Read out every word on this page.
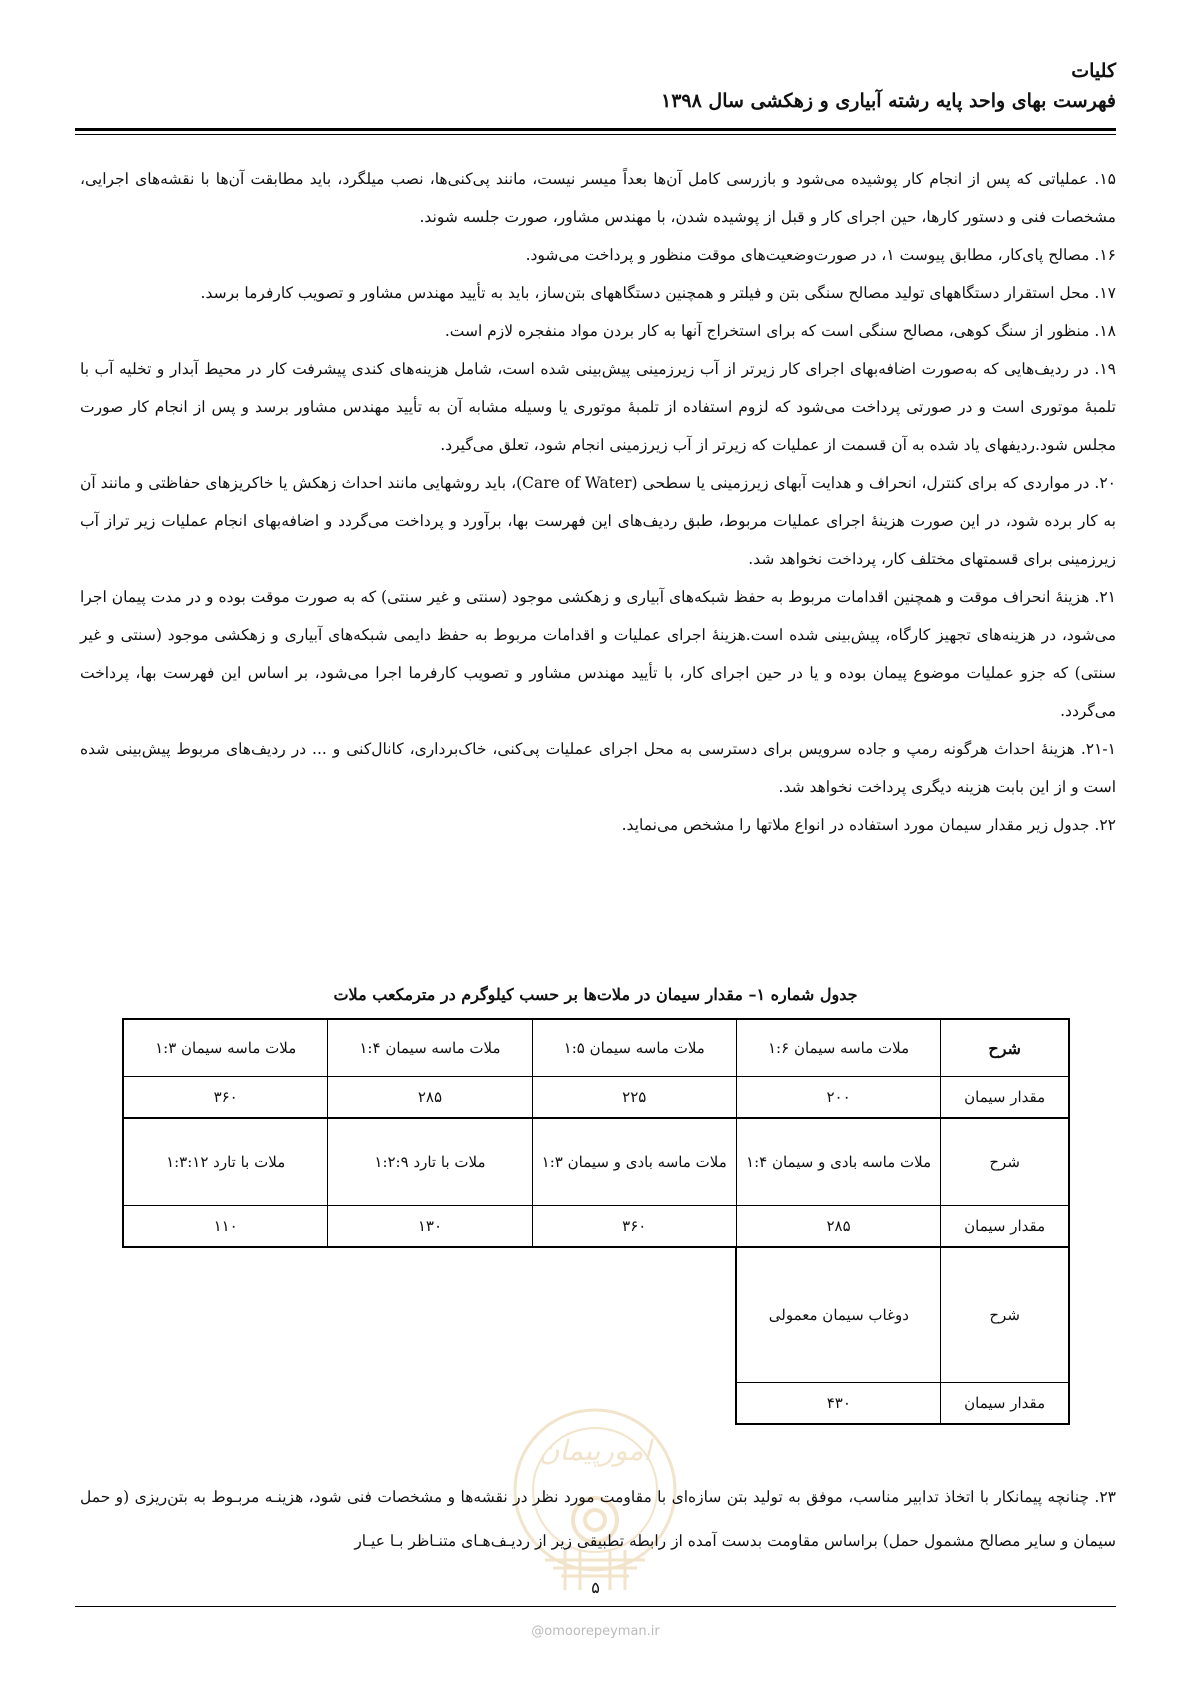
کلیات
فهرست بهای واحد پایه رشته آبیاری و زهکشی سال ۱۳۹۸

۱۵. عملیاتی که پس از انجام کار پوشیده می‌شود و بازرسی کامل آن‌ها بعداً میسر نیست، مانند پی‌کنی‌ها، نصب میلگرد، باید مطابقت آن‌ها با نقشه‌های اجرایی، مشخصات فنی و دستور کارها، حین اجرای کار و قبل از پوشیده شدن، با مهندس مشاور، صورت جلسه شوند.

۱۶. مصالح پای‌کار، مطابق پیوست ۱، در صورت‌وضعیت‌های موقت منظور و پرداخت می‌شود.

۱۷. محل استقرار دستگاههای تولید مصالح سنگی بتن و فیلتر و همچنین دستگاههای بتن‌ساز، باید به تأیید مهندس مشاور و تصویب کارفرما برسد.

۱۸. منظور از سنگ کوهی، مصالح سنگی است که برای استخراج آنها به کار بردن مواد منفجره لازم است.

۱۹. در ردیف‌هایی که به‌صورت اضافه‌بهای اجرای کار زیرتر از آب زیرزمینی پیش‌بینی شده است، شامل هزینه‌های کندی پیشرفت کار در محیط آبدار و تخلیه آب با تلمبهٔ موتوری است و در صورتی پرداخت می‌شود که لزوم استفاده از تلمبهٔ موتوری یا وسیله مشابه آن به تأیید مهندس مشاور برسد و پس از انجام کار صورت مجلس شود.ردیفهای یاد شده به آن قسمت از عملیات که زیرتر از آب زیرزمینی انجام شود، تعلق می‌گیرد.

۲۰. در مواردی که برای کنترل، انحراف و هدایت آبهای زیرزمینی یا سطحی (Care of Water)، باید روشهایی مانند احداث زهکش یا خاکریزهای حفاظتی و مانند آن به کار برده شود، در این صورت هزینهٔ اجرای عملیات مربوط، طبق ردیف‌های این فهرست بها، برآورد و پرداخت می‌گردد و اضافه‌بهای انجام عملیات زیر تراز آب زیرزمینی برای قسمتهای مختلف کار، پرداخت نخواهد شد.

۲۱. هزینهٔ انحراف موقت و همچنین اقدامات مربوط به حفظ شبکه‌های آبیاری و زهکشی موجود (سنتی و غیر سنتی) که به صورت موقت بوده و در مدت پیمان اجرا می‌شود، در هزینه‌های تجهیز کارگاه، پیش‌بینی شده است.هزینهٔ اجرای عملیات و اقدامات مربوط به حفظ دایمی شبکه‌های آبیاری و زهکشی موجود (سنتی و غیر سنتی) که جزو عملیات موضوع پیمان بوده و یا در حین اجرای کار، با تأیید مهندس مشاور و تصویب کارفرما اجرا می‌شود، بر اساس این فهرست بها، پرداخت می‌گردد.

۲۱-۱. هزینهٔ احداث هرگونه رمپ و جاده سرویس برای دسترسی به محل اجرای عملیات پی‌کنی، خاک‌برداری، کانال‌کنی و ... در ردیف‌های مربوط پیش‌بینی شده است و از این بابت هزینه دیگری پرداخت نخواهد شد.

۲۲. جدول زیر مقدار سیمان مورد استفاده در انواع ملاتها را مشخص می‌نماید.

جدول شماره ۱– مقدار سیمان در ملات‌ها بر حسب کیلوگرم در مترمکعب ملات
شرح	ملات ماسه سیمان ۱:۶	ملات ماسه سیمان ۱:۵	ملات ماسه سیمان ۱:۴	ملات ماسه سیمان ۱:۳
مقدار سیمان	۲۰۰	۲۲۵	۲۸۵	۳۶۰
شرح	ملات ماسه بادی و سیمان ۱:۴	ملات ماسه بادی و سیمان ۱:۳	ملات با تارد ۱:۲:۹	ملات با تارد ۱:۳:۱۲
مقدار سیمان	۲۸۵	۳۶۰	۱۳۰	۱۱۰
شرح	دوغاب سیمان معمولی			
مقدار سیمان	۴۳۰			
امورپیمان

۲۳. چنانچه پیمانکار با اتخاذ تدابیر مناسب، موفق به تولید بتن سازه‌ای با مقاومت مورد نظر در نقشه‌ها و مشخصات فنی شود، هزینـه مربـوط به بتن‌ریزی (و حمل سیمان و سایر مصالح مشمول حمل) براساس مقاومت بدست آمده از رابطه تطبیقی زیر از ردیـف‌هـای متنـاظر بـا عیـار

۵
@omoorepeyman.ir
